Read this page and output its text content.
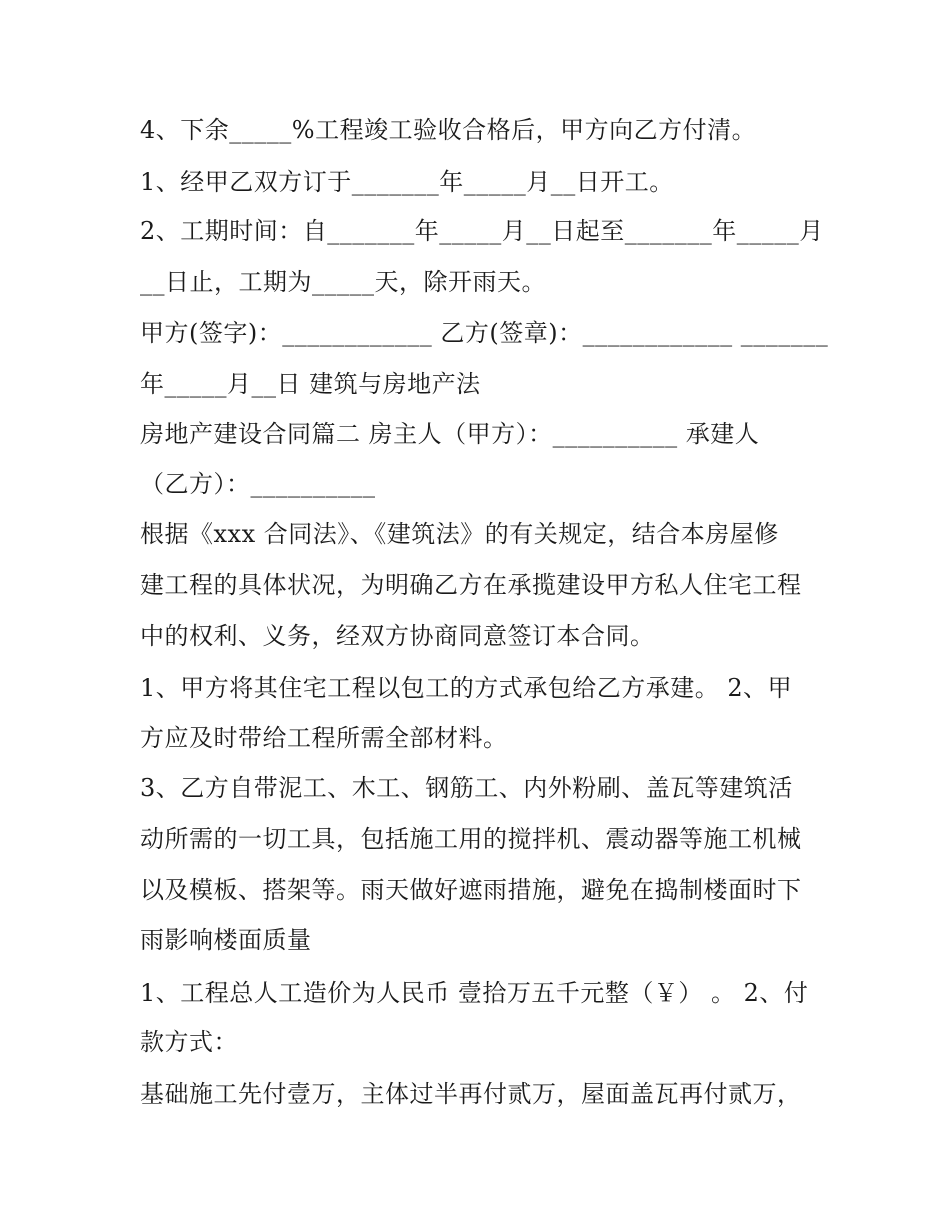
4、下余_____%工程竣工验收合格后，甲方向乙方付清。
1、经甲乙双方订于_______年_____月__日开工。
2、工期时间：自_______年_____月__日起至_______年_____月
__日止，工期为_____天，除开雨天。
甲方(签字)：____________ 乙方(签章)：____________ _______
年_____月__日 建筑与房地产法
房地产建设合同篇二 房主人（甲方）：__________ 承建人
（乙方）：__________
根据《xxx 合同法》、《建筑法》的有关规定，结合本房屋修
建工程的具体状况，为明确乙方在承揽建设甲方私人住宅工程
中的权利、义务，经双方协商同意签订本合同。
1、甲方将其住宅工程以包工的方式承包给乙方承建。 2、甲
方应及时带给工程所需全部材料。
3、乙方自带泥工、木工、钢筋工、内外粉刷、盖瓦等建筑活
动所需的一切工具，包括施工用的搅拌机、震动器等施工机械
以及模板、搭架等。雨天做好遮雨措施，避免在捣制楼面时下
雨影响楼面质量
1、工程总人工造价为人民币 壹拾万五千元整（￥） 。 2、付
款方式：
基础施工先付壹万，主体过半再付贰万，屋面盖瓦再付贰万，
